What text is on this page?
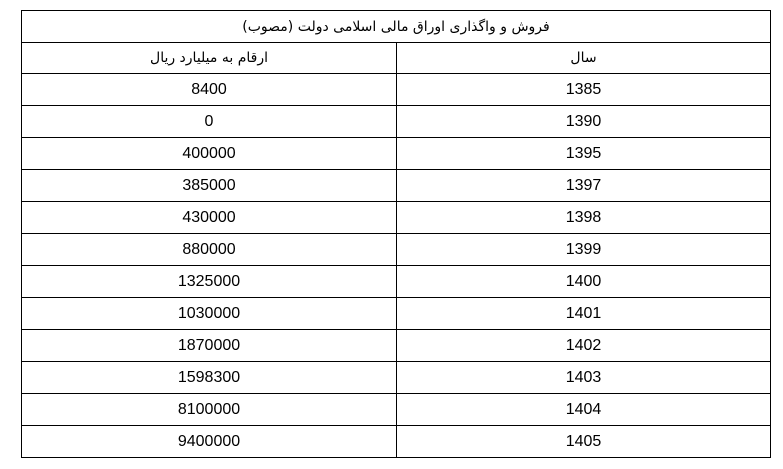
فروش و واگذاری اوراق مالی اسلامی دولت (مصوب)	
سال	ارقام به میلیارد ریال
1385	8400
1390	0
1395	400000
1397	385000
1398	430000
1399	880000
1400	1325000
1401	1030000
1402	1870000
1403	1598300
1404	8100000
1405	9400000
